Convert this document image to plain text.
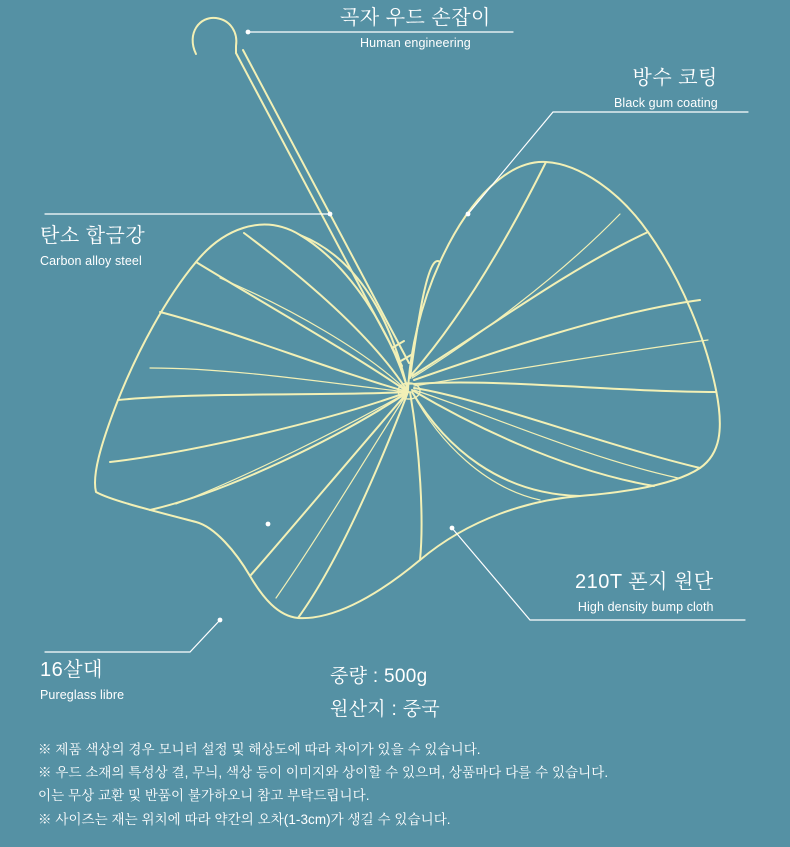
곡자 우드 손잡이
Human engineering
방수 코팅
Black gum coating
탄소 합금강
Carbon alloy steel
16살대
Pureglass libre
210T 폰지 원단
High density bump cloth
중량 : 500g
원산지 : 중국
※ 제품 색상의 경우 모니터 설정 및 해상도에 따라 차이가 있을 수 있습니다.
※ 우드 소재의 특성상 결, 무늬, 색상 등이 이미지와 상이할 수 있으며, 상품마다 다를 수 있습니다.
이는 무상 교환 및 반품이 불가하오니 참고 부탁드립니다.
※ 사이즈는 재는 위치에 따라 약간의 오차(1-3cm)가 생길 수 있습니다.
